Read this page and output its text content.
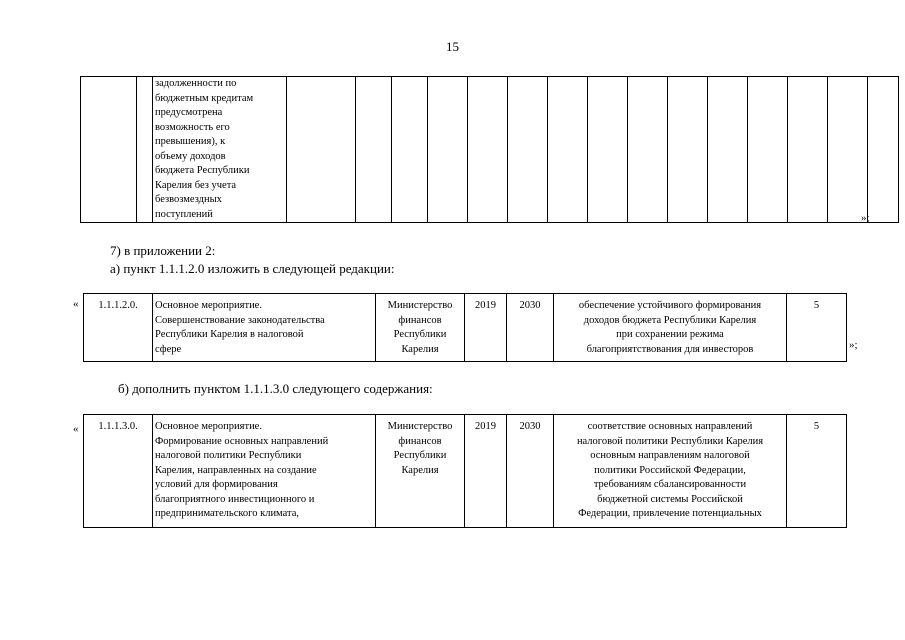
15
		задолженности по
бюджетным кредитам
предусмотрена
возможность его
превышения), к
объему доходов
бюджета Республики
Карелия без учета
безвозмездных
поступлений																»;
7) в приложении 2:
а) пункт 1.1.1.2.0 изложить в следующей редакции:
« 1.1.1.2.0.	Основное мероприятие.
Совершенствование законодательства
Республики Карелия в налоговой
сфере	Министерство
финансов
Республики
Карелия	2019	2030	обеспечение устойчивого формирования
доходов бюджета Республики Карелия
при сохранении режима
благоприятствования для инвесторов	5
»;
б) дополнить пунктом 1.1.1.3.0 следующего содержания:
« 1.1.1.3.0.	Основное мероприятие.
Формирование основных направлений
налоговой политики Республики
Карелия, направленных на создание
условий для формирования
благоприятного инвестиционного и
предпринимательского климата,	Министерство
финансов
Республики
Карелия	2019	2030	соответствие основных направлений
налоговой политики Республики Карелия
основным направлениям налоговой
политики Российской Федерации,
требованиям сбалансированности
бюджетной системы Российской
Федерации, привлечение потенциальных	5
